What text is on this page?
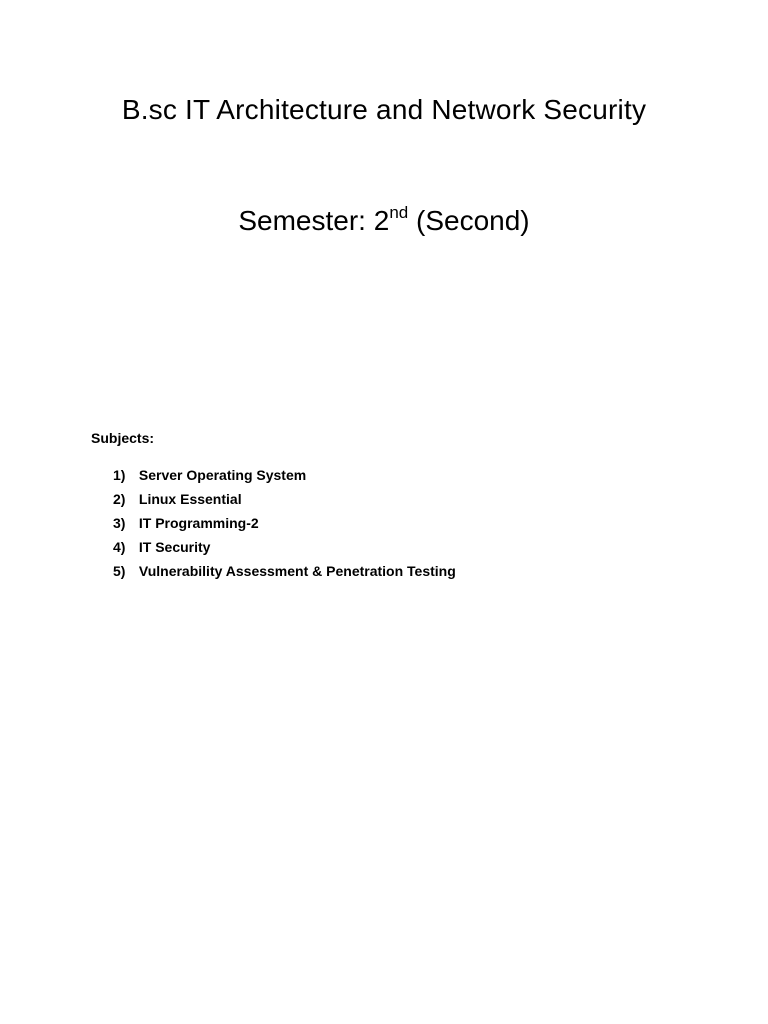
B.sc IT Architecture and Network Security
Semester: 2nd (Second)

Subjects:

1) Server Operating System
2) Linux Essential
3) IT Programming-2
4) IT Security
5) Vulnerability Assessment & Penetration Testing
